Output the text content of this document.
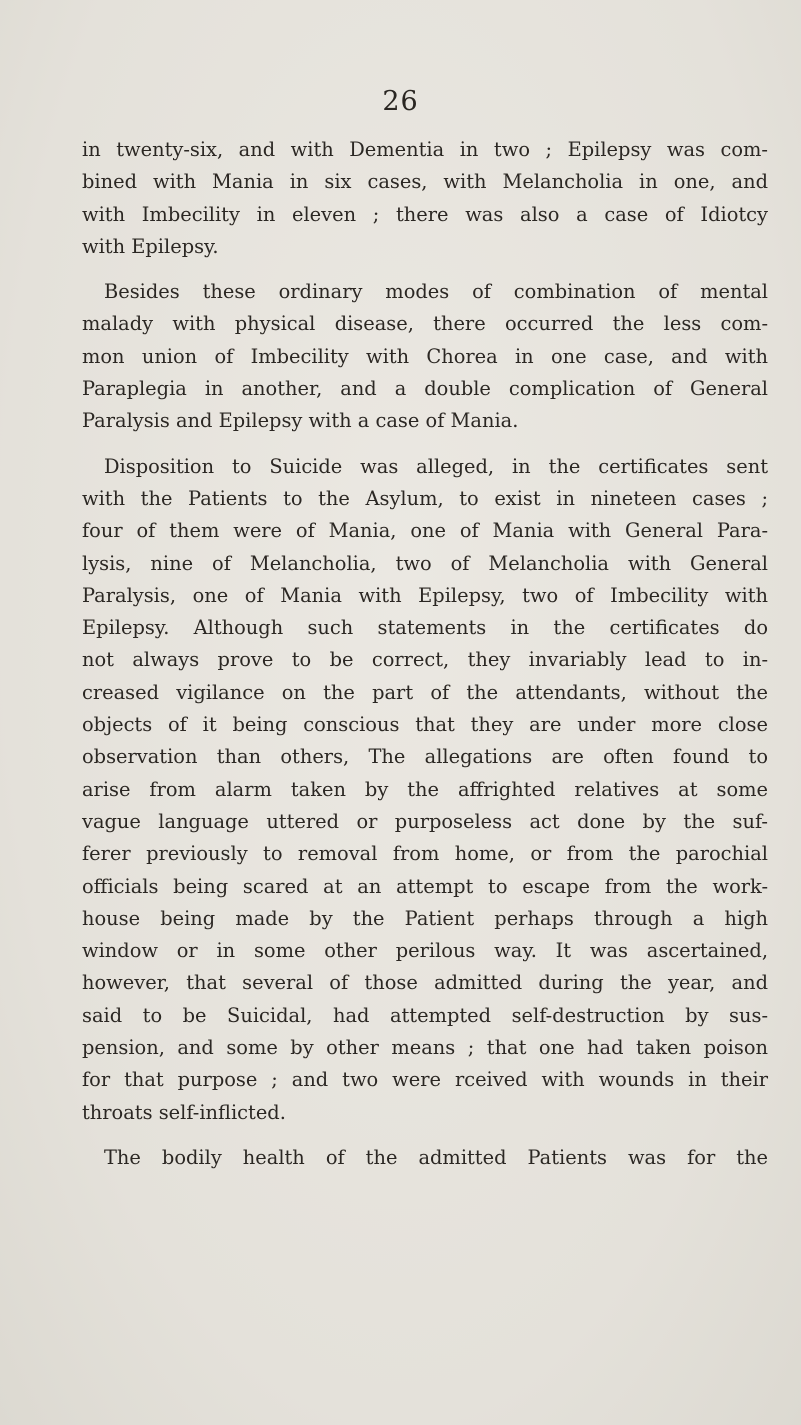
26

in twenty-six, and with Dementia in two ; Epilepsy was com-
bined with Mania in six cases, with Melancholia in one, and
with Imbecility in eleven ; there was also a case of Idiotcy
with Epilepsy.

Besides these ordinary modes of combination of mental
malady with physical disease, there occurred the less com-
mon union of Imbecility with Chorea in one case, and with
Paraplegia in another, and a double complication of General
Paralysis and Epilepsy with a case of Mania.

Disposition to Suicide was alleged, in the certificates sent
with the Patients to the Asylum, to exist in nineteen cases ;
four of them were of Mania, one of Mania with General Para-
lysis, nine of Melancholia, two of Melancholia with General
Paralysis, one of Mania with Epilepsy, two of Imbecility with
Epilepsy. Although such statements in the certificates do
not always prove to be correct, they invariably lead to in-
creased vigilance on the part of the attendants, without the
objects of it being conscious that they are under more close
observation than others, The allegations are often found to
arise from alarm taken by the affrighted relatives at some
vague language uttered or purposeless act done by the suf-
ferer previously to removal from home, or from the parochial
officials being scared at an attempt to escape from the work-
house being made by the Patient perhaps through a high
window or in some other perilous way. It was ascertained,
however, that several of those admitted during the year, and
said to be Suicidal, had attempted self-destruction by sus-
pension, and some by other means ; that one had taken poison
for that purpose ; and two were rceived with wounds in their
throats self-inflicted.

The bodily health of the admitted Patients was for the
